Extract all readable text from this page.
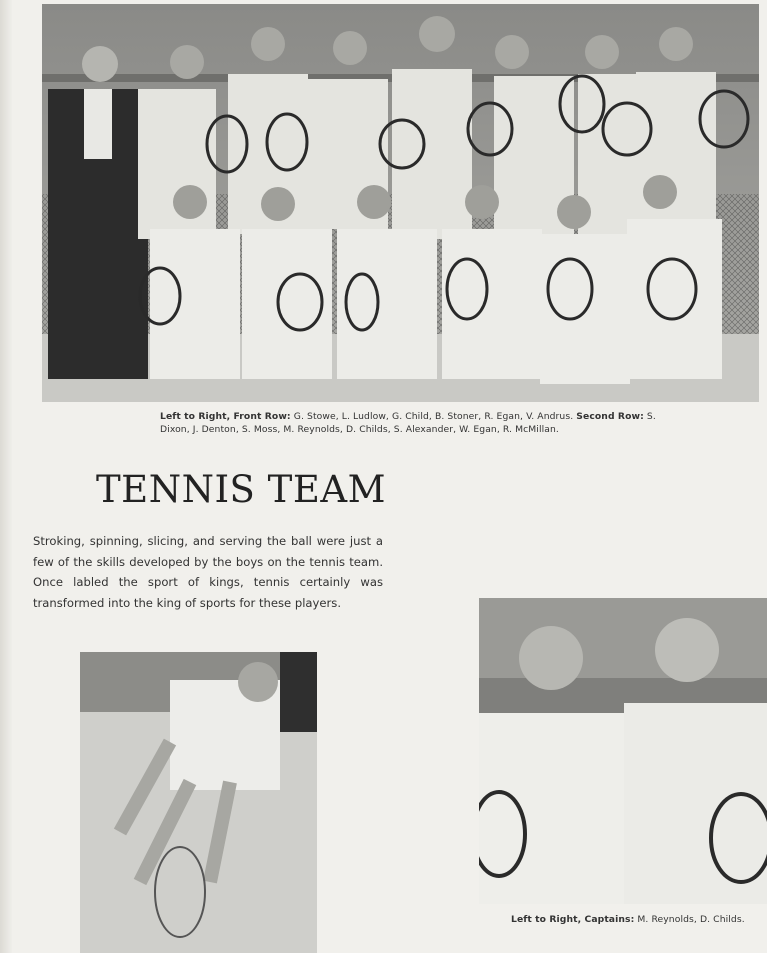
Left to Right, Front Row: G. Stowe, L. Ludlow, G. Child, B. Stoner, R. Egan, V. Andrus. Second Row: S. Dixon, J. Denton, S. Moss, M. Reynolds, D. Childs, S. Alexander, W. Egan, R. McMillan.
TENNIS TEAM

Stroking, spinning, slicing, and serving the ball were just a few of the skills developed by the boys on the tennis team. Once labled the sport of kings, tennis certainly was transformed into the king of sports for these players.

Left to Right, Captains: M. Reynolds, D. Childs.
